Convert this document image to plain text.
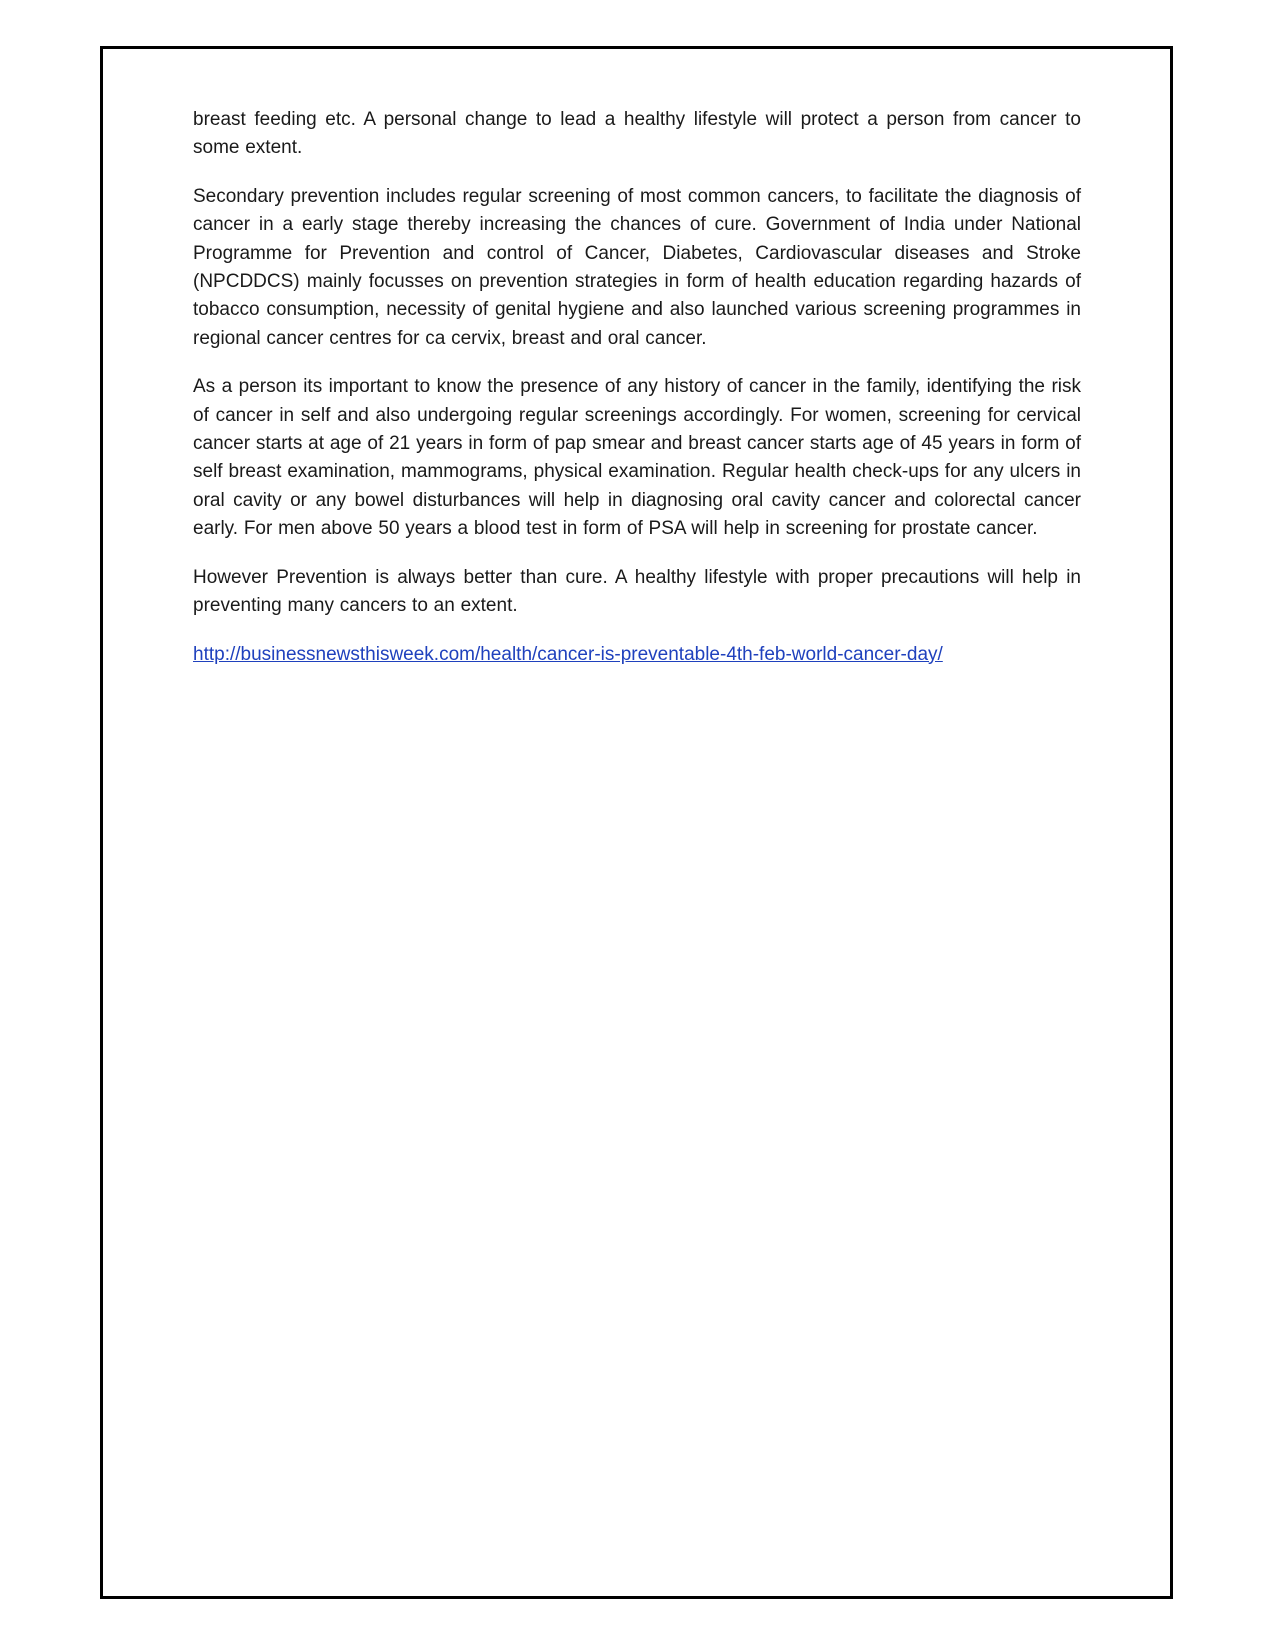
breast feeding etc. A personal change to lead a healthy lifestyle will protect a person from cancer to some extent.

Secondary prevention includes regular screening of most common cancers, to facilitate the diagnosis of cancer in a early stage thereby increasing the chances of cure. Government of India under National Programme for Prevention and control of Cancer, Diabetes, Cardiovascular diseases and Stroke (NPCDDCS) mainly focusses on prevention strategies in form of health education regarding hazards of tobacco consumption, necessity of genital hygiene and also launched various screening programmes in regional cancer centres for ca cervix, breast and oral cancer.

As a person its important to know the presence of any history of cancer in the family, identifying the risk of cancer in self and also undergoing regular screenings accordingly. For women, screening for cervical cancer starts at age of 21 years in form of pap smear and breast cancer starts age of 45 years in form of self breast examination, mammograms, physical examination. Regular health check-ups for any ulcers in oral cavity or any bowel disturbances will help in diagnosing oral cavity cancer and colorectal cancer early. For men above 50 years a blood test in form of PSA will help in screening for prostate cancer.

However Prevention is always better than cure. A healthy lifestyle with proper precautions will help in preventing many cancers to an extent.

http://businessnewsthisweek.com/health/cancer-is-preventable-4th-feb-world-cancer-day/
